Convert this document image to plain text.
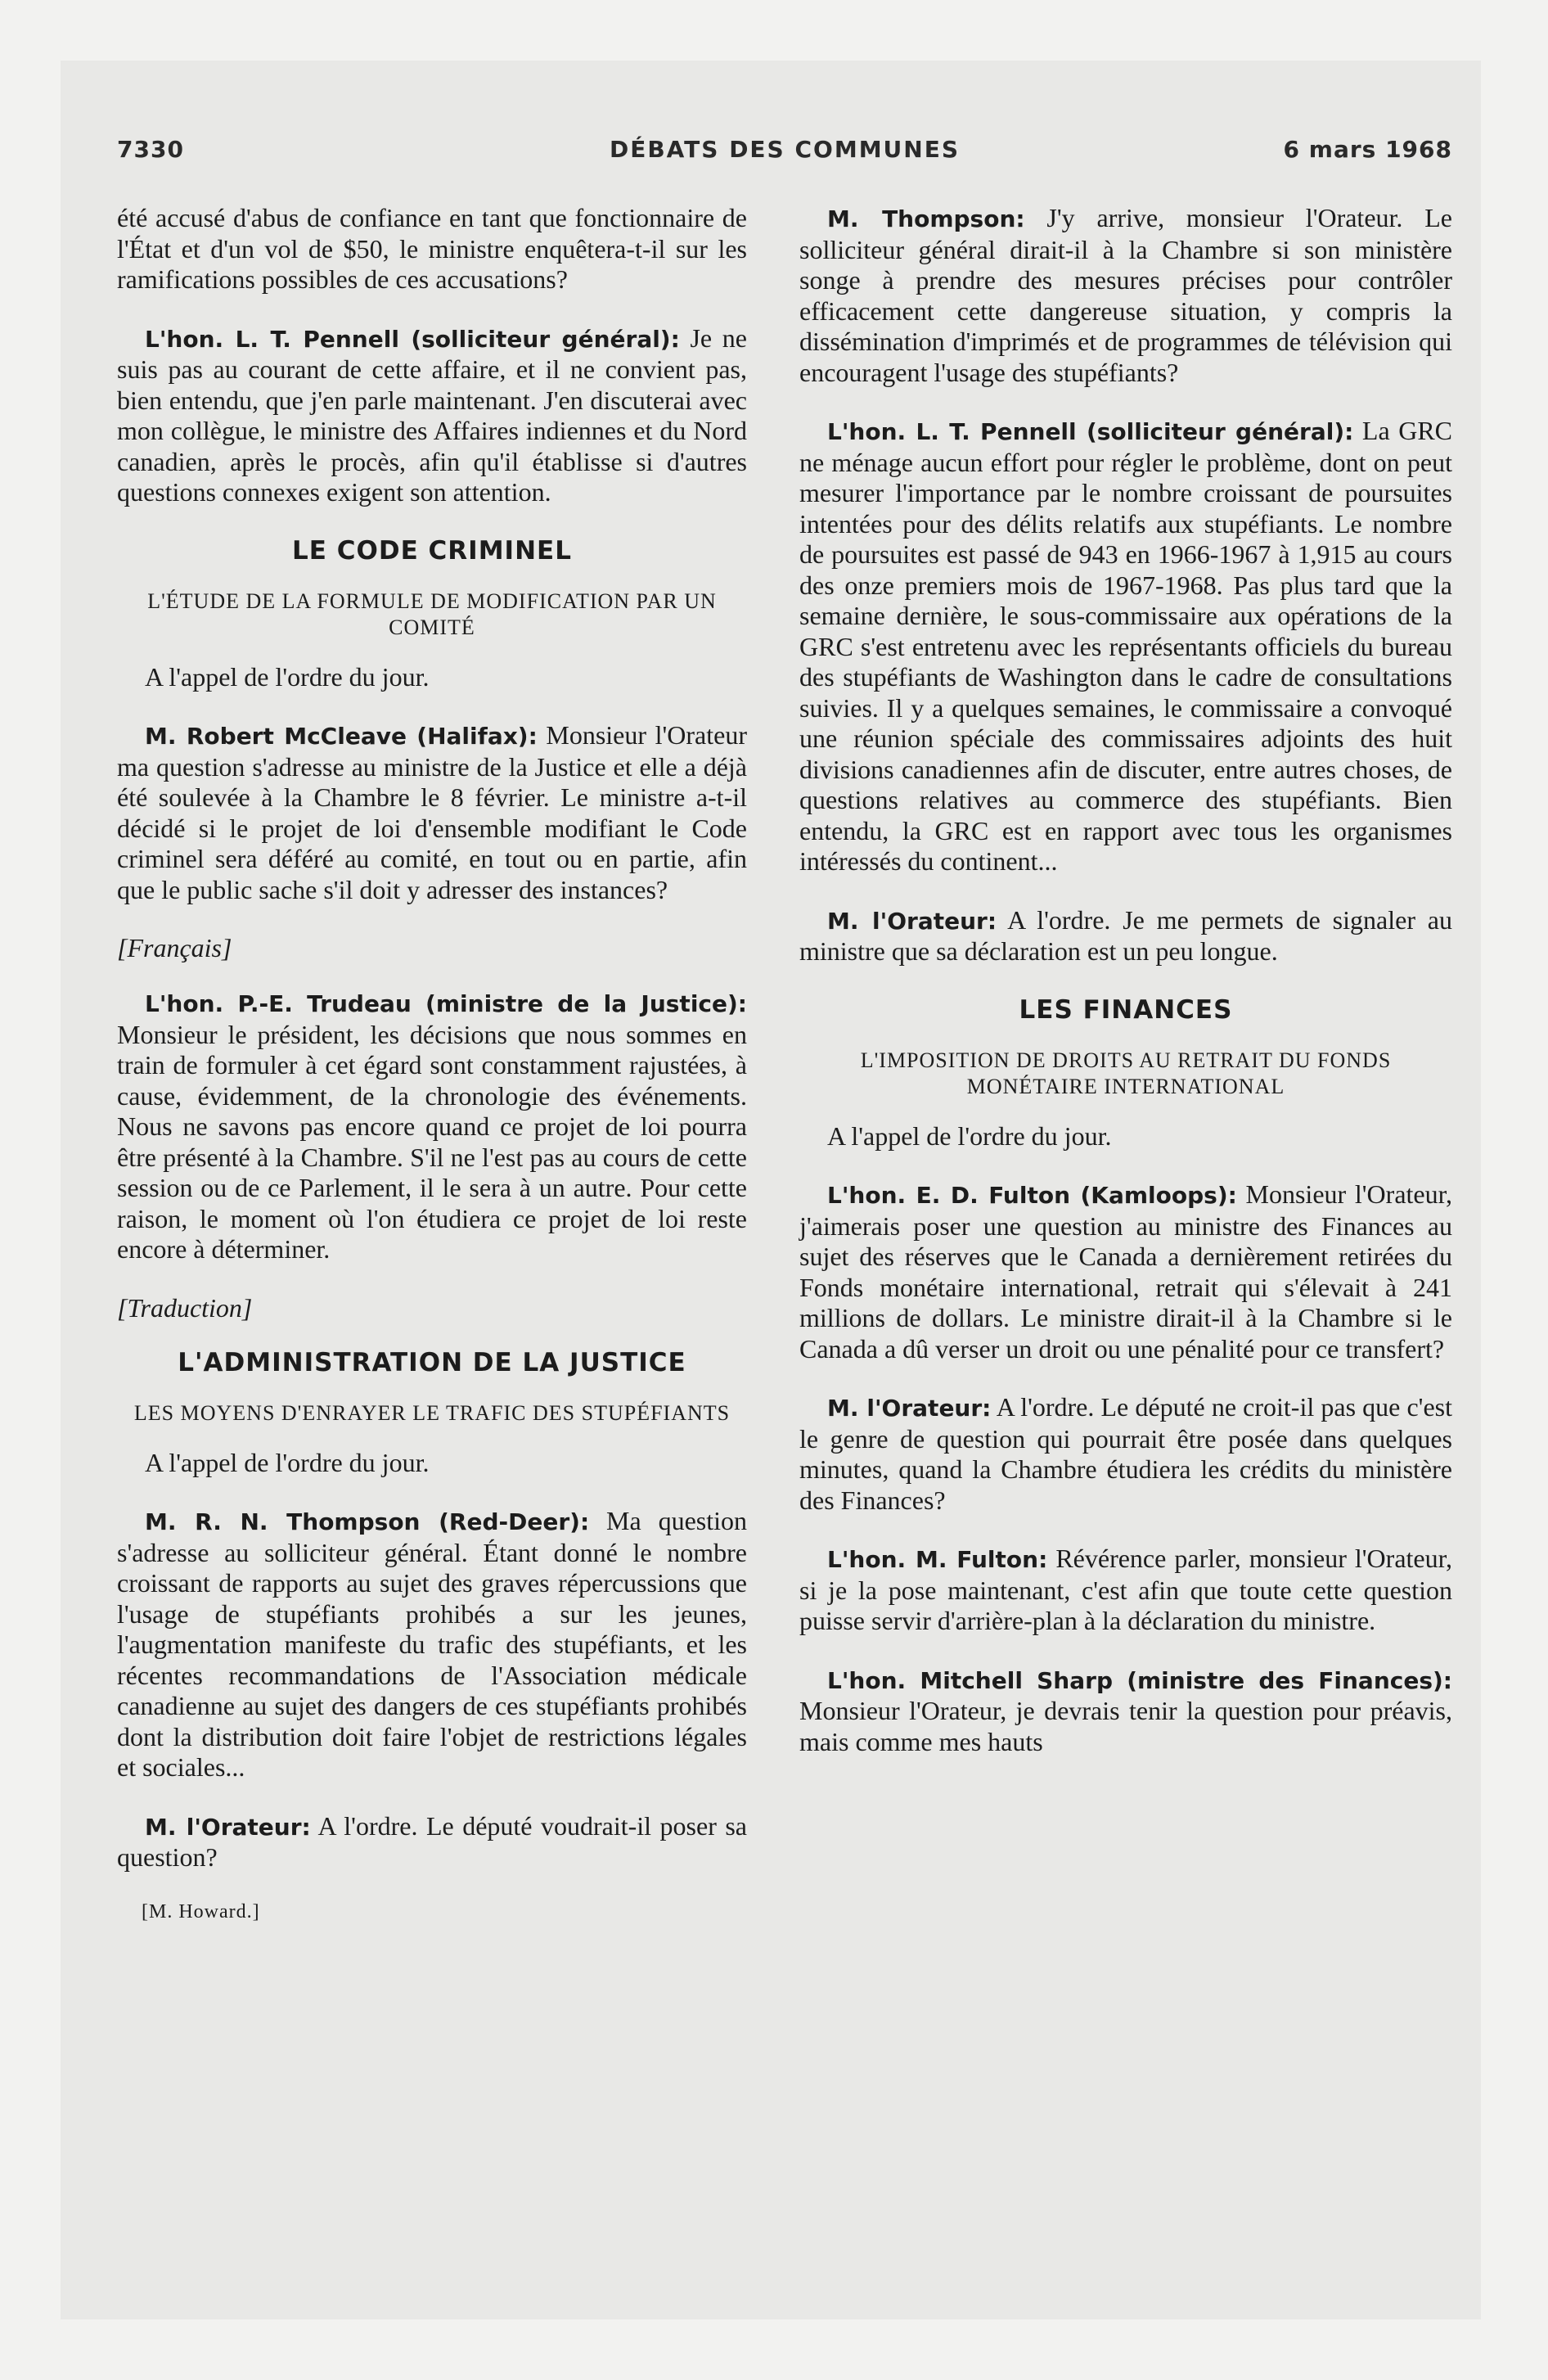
7330	DÉBATS DES COMMUNES	6 mars 1968

été accusé d'abus de confiance en tant que fonctionnaire de l'État et d'un vol de $50, le ministre enquêtera-t-il sur les ramifications possibles de ces accusations?

L'hon. L. T. Pennell (solliciteur général): Je ne suis pas au courant de cette affaire, et il ne convient pas, bien entendu, que j'en parle maintenant. J'en discuterai avec mon collègue, le ministre des Affaires indiennes et du Nord canadien, après le procès, afin qu'il établisse si d'autres questions connexes exigent son attention.

LE CODE CRIMINEL
L'ÉTUDE DE LA FORMULE DE MODIFICATION PAR UN COMITÉ

A l'appel de l'ordre du jour.

M. Robert McCleave (Halifax): Monsieur l'Orateur ma question s'adresse au ministre de la Justice et elle a déjà été soulevée à la Chambre le 8 février. Le ministre a-t-il décidé si le projet de loi d'ensemble modifiant le Code criminel sera déféré au comité, en tout ou en partie, afin que le public sache s'il doit y adresser des instances?

[Français]

L'hon. P.-E. Trudeau (ministre de la Justice): Monsieur le président, les décisions que nous sommes en train de formuler à cet égard sont constamment rajustées, à cause, évidemment, de la chronologie des événements. Nous ne savons pas encore quand ce projet de loi pourra être présenté à la Chambre. S'il ne l'est pas au cours de cette session ou de ce Parlement, il le sera à un autre. Pour cette raison, le moment où l'on étudiera ce projet de loi reste encore à déterminer.

[Traduction]
L'ADMINISTRATION DE LA JUSTICE
LES MOYENS D'ENRAYER LE TRAFIC DES STUPÉFIANTS

A l'appel de l'ordre du jour.

M. R. N. Thompson (Red-Deer): Ma question s'adresse au solliciteur général. Étant donné le nombre croissant de rapports au sujet des graves répercussions que l'usage de stupéfiants prohibés a sur les jeunes, l'augmentation manifeste du trafic des stupéfiants, et les récentes recommandations de l'Association médicale canadienne au sujet des dangers de ces stupéfiants prohibés dont la distribution doit faire l'objet de restrictions légales et sociales...

M. l'Orateur: A l'ordre. Le député voudrait-il poser sa question?

[M. Howard.]

M. Thompson: J'y arrive, monsieur l'Orateur. Le solliciteur général dirait-il à la Chambre si son ministère songe à prendre des mesures précises pour contrôler efficacement cette dangereuse situation, y compris la dissémination d'imprimés et de programmes de télévision qui encouragent l'usage des stupéfiants?

L'hon. L. T. Pennell (solliciteur général): La GRC ne ménage aucun effort pour régler le problème, dont on peut mesurer l'importance par le nombre croissant de poursuites intentées pour des délits relatifs aux stupéfiants. Le nombre de poursuites est passé de 943 en 1966-1967 à 1,915 au cours des onze premiers mois de 1967-1968. Pas plus tard que la semaine dernière, le sous-commissaire aux opérations de la GRC s'est entretenu avec les représentants officiels du bureau des stupéfiants de Washington dans le cadre de consultations suivies. Il y a quelques semaines, le commissaire a convoqué une réunion spéciale des commissaires adjoints des huit divisions canadiennes afin de discuter, entre autres choses, de questions relatives au commerce des stupéfiants. Bien entendu, la GRC est en rapport avec tous les organismes intéressés du continent...

M. l'Orateur: A l'ordre. Je me permets de signaler au ministre que sa déclaration est un peu longue.

LES FINANCES
L'IMPOSITION DE DROITS AU RETRAIT DU FONDS MONÉTAIRE INTERNATIONAL

A l'appel de l'ordre du jour.

L'hon. E. D. Fulton (Kamloops): Monsieur l'Orateur, j'aimerais poser une question au ministre des Finances au sujet des réserves que le Canada a dernièrement retirées du Fonds monétaire international, retrait qui s'élevait à 241 millions de dollars. Le ministre dirait-il à la Chambre si le Canada a dû verser un droit ou une pénalité pour ce transfert?

M. l'Orateur: A l'ordre. Le député ne croit-il pas que c'est le genre de question qui pourrait être posée dans quelques minutes, quand la Chambre étudiera les crédits du ministère des Finances?

L'hon. M. Fulton: Révérence parler, monsieur l'Orateur, si je la pose maintenant, c'est afin que toute cette question puisse servir d'arrière-plan à la déclaration du ministre.

L'hon. Mitchell Sharp (ministre des Finances): Monsieur l'Orateur, je devrais tenir la question pour préavis, mais comme mes hauts
